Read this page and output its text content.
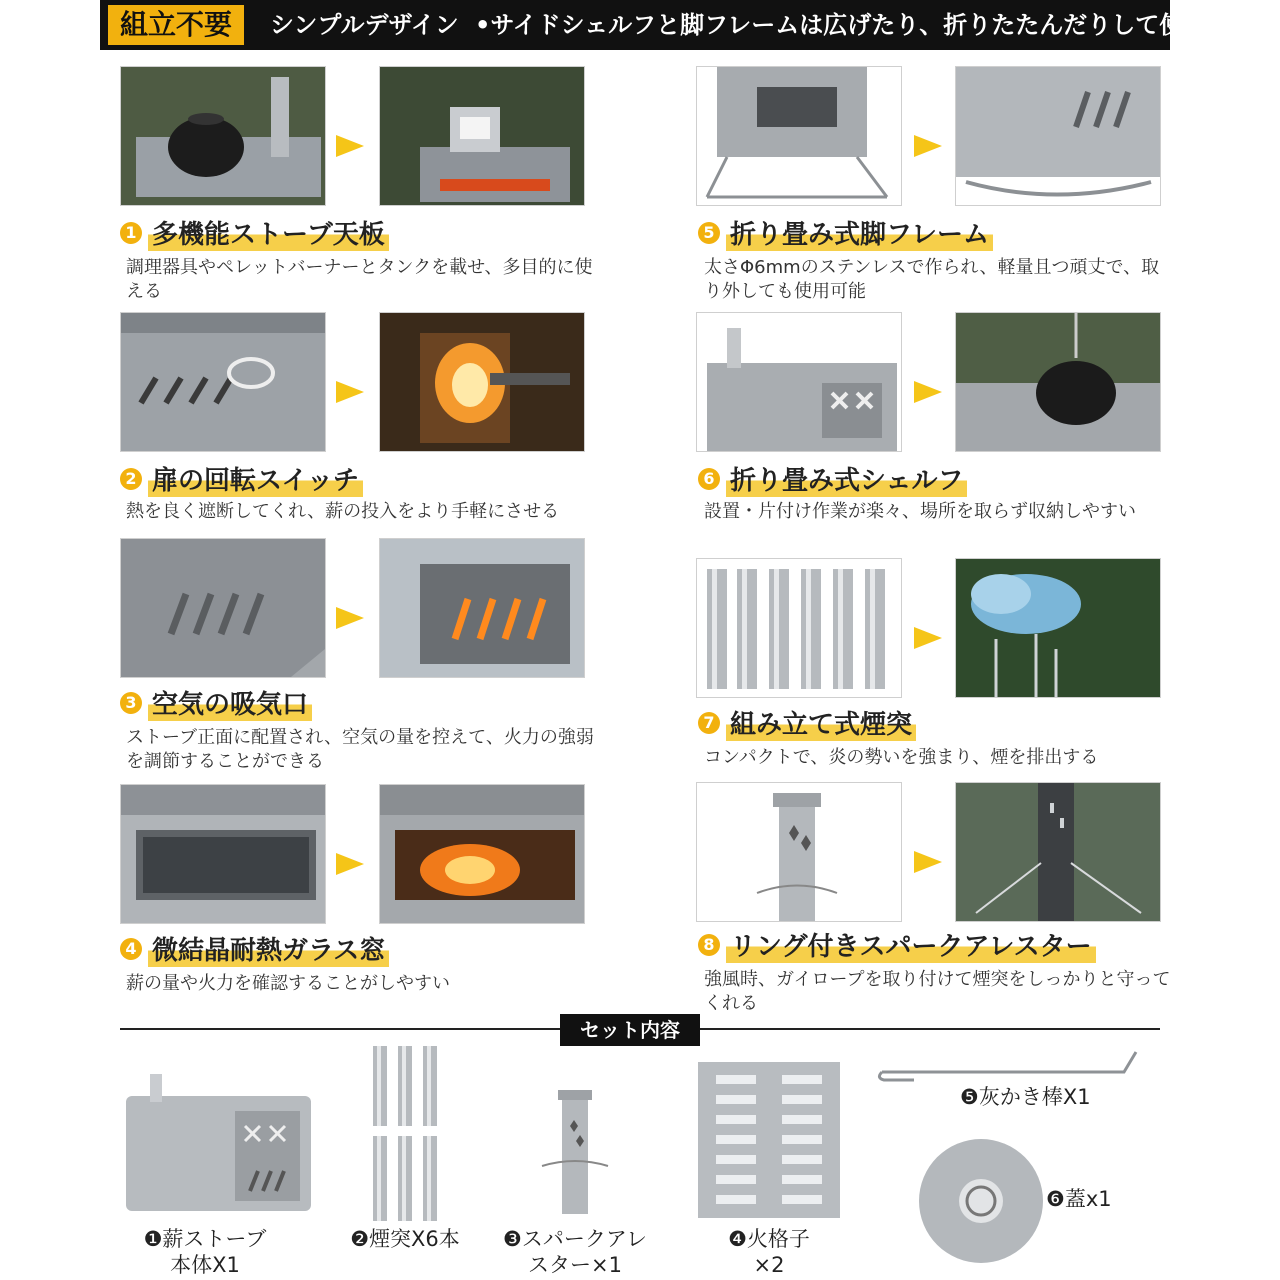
組立不要	シンプルデザイン •サイドシェルフと脚フレームは広げたり、折りたたんだりして使える
1 多機能ストーブ天板
調理器具やペレットバーナーとタンクを載せ、多目的に使える
2 扉の回転スイッチ
熱を良く遮断してくれ、薪の投入をより手軽にさせる
3 空気の吸気口
ストーブ正面に配置され、空気の量を控えて、火力の強弱を調節することができる
4 微結晶耐熱ガラス窓
薪の量や火力を確認することがしやすい
5 折り畳み式脚フレーム
太さΦ6mmのステンレスで作られ、軽量且つ頑丈で、取り外しても使用可能
6 折り畳み式シェルフ
設置・片付け作業が楽々、場所を取らず収納しやすい
7 組み立て式煙突
コンパクトで、炎の勢いを強まり、煙を排出する
8 リング付きスパークアレスター
強風時、ガイロープを取り付けて煙突をしっかりと守ってくれる
セット内容
❶薪ストーブ
本体X1
❷煙突X6本	❸スパークアレ
スター×1
❹火格子
×2
❺灰かき棒X1
❻蓋x1
